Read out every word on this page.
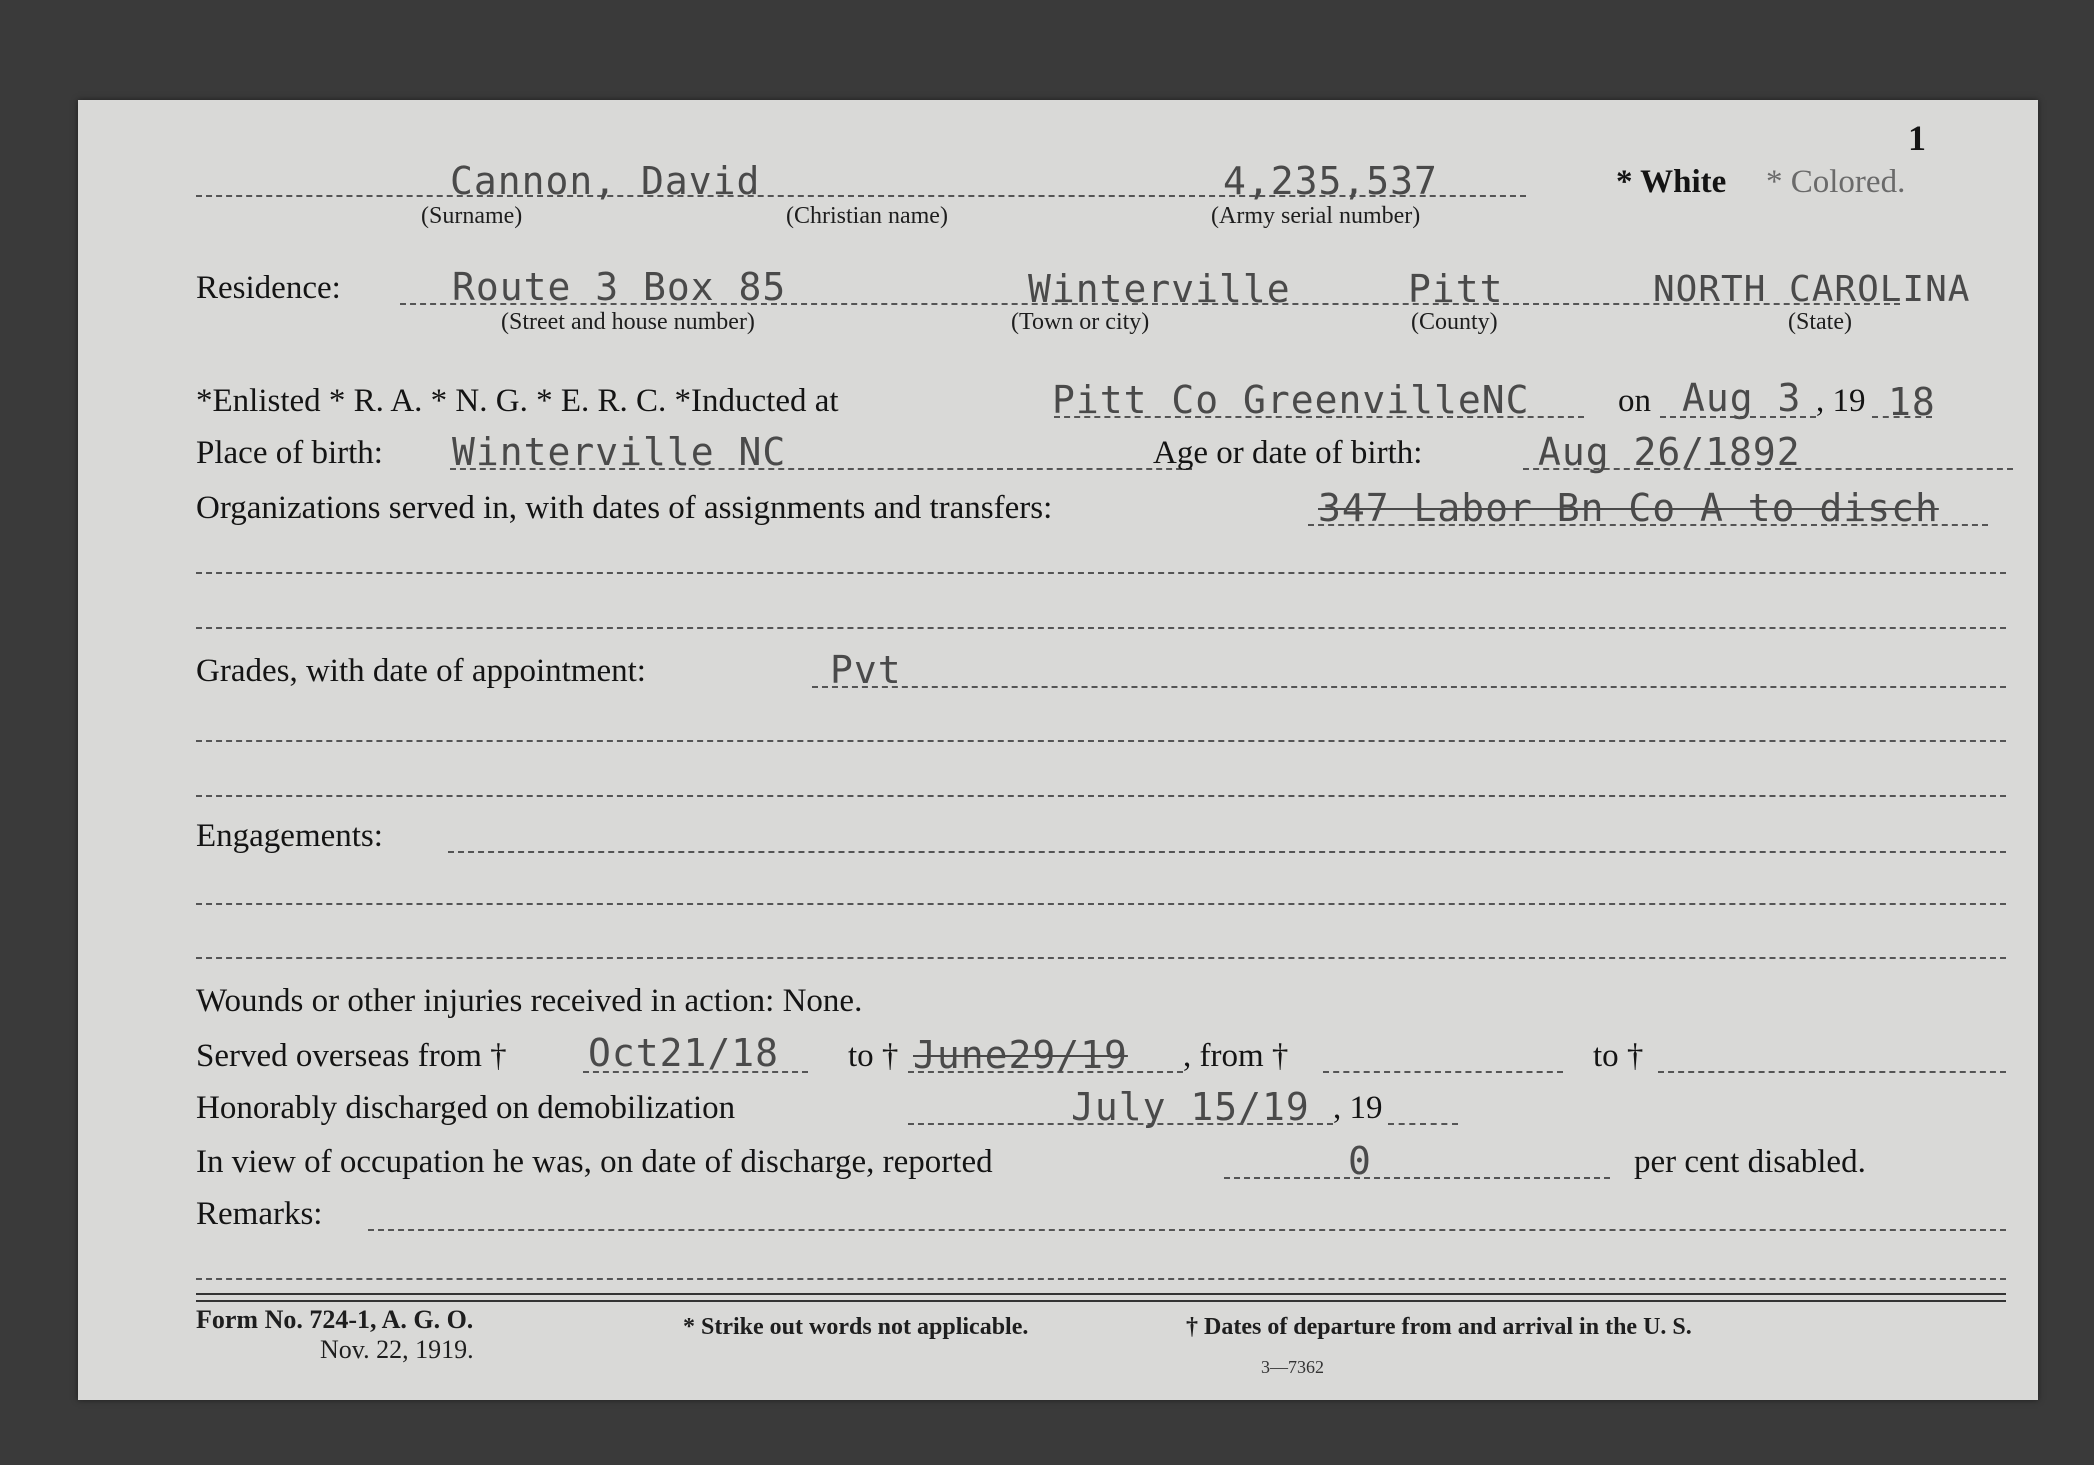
1
Cannon, David	4,235,537	* White * Colored.
(Surname)	(Christian name)	(Army serial number)
Residence:	Route 3 Box 85	Winterville	Pitt	NORTH CAROLINA
(Street and house number)	(Town or city)	(County)	(State)
*Enlisted * R. A. * N. G. * E. R. C. *Inducted at	Pitt Co GreenvilleNC	on Aug 3 , 19 18
Place of birth: Winterville NC	Age or date of birth:	Aug 26/1892
Organizations served in, with dates of assignments and transfers:	347 Labor Bn Co A to disch
Grades, with date of appointment:	Pvt
Engagements:
Wounds or other injuries received in action: None.
Served overseas from † Oct21/18 to † June29/19 , from †	to †
Honorably discharged on demobilization	July 15/19 , 19
In view of occupation he was, on date of discharge, reported	0	per cent disabled.
Remarks:
Form No. 724-1, A. G. O.
Nov. 22, 1919.
* Strike out words not applicable.	† Dates of departure from and arrival in the U. S.
3—7362
